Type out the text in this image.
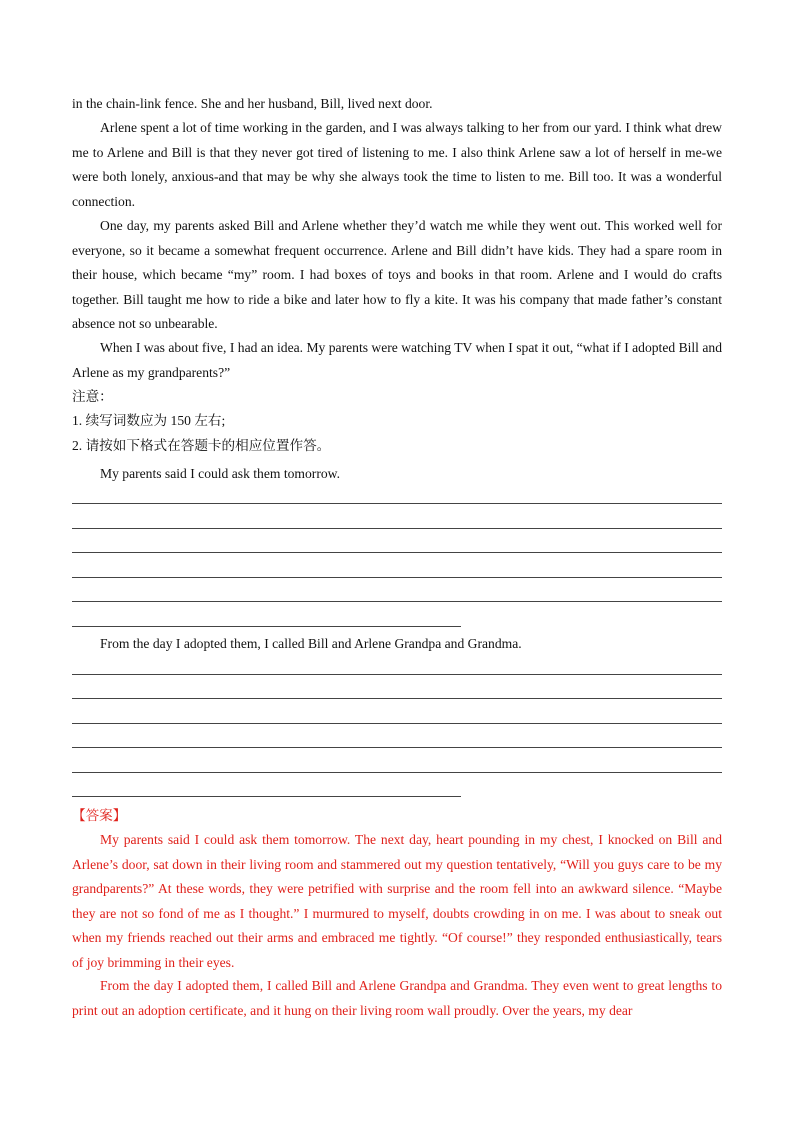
in the chain-link fence. She and her husband, Bill, lived next door.

Arlene spent a lot of time working in the garden, and I was always talking to her from our yard. I think what drew me to Arlene and Bill is that they never got tired of listening to me. I also think Arlene saw a lot of herself in me-we were both lonely, anxious-and that may be why she always took the time to listen to me. Bill too. It was a wonderful connection.

One day, my parents asked Bill and Arlene whether they’d watch me while they went out. This worked well for everyone, so it became a somewhat frequent occurrence. Arlene and Bill didn’t have kids. They had a spare room in their house, which became “my” room. I had boxes of toys and books in that room. Arlene and I would do crafts together. Bill taught me how to ride a bike and later how to fly a kite. It was his company that made father’s constant absence not so unbearable.

When I was about five, I had an idea. My parents were watching TV when I spat it out, “what if I adopted Bill and Arlene as my grandparents?”

注意：

1. 续写词数应为 150 左右;

2. 请按如下格式在答题卡的相应位置作答。

My parents said I could ask them tomorrow.

From the day I adopted them, I called Bill and Arlene Grandpa and Grandma.

【答案】

My parents said I could ask them tomorrow. The next day, heart pounding in my chest, I knocked on Bill and Arlene’s door, sat down in their living room and stammered out my question tentatively, “Will you guys care to be my grandparents?” At these words, they were petrified with surprise and the room fell into an awkward silence. “Maybe they are not so fond of me as I thought.” I murmured to myself, doubts crowding in on me. I was about to sneak out when my friends reached out their arms and embraced me tightly. “Of course!” they responded enthusiastically, tears of joy brimming in their eyes.

From the day I adopted them, I called Bill and Arlene Grandpa and Grandma. They even went to great lengths to print out an adoption certificate, and it hung on their living room wall proudly. Over the years, my dear
